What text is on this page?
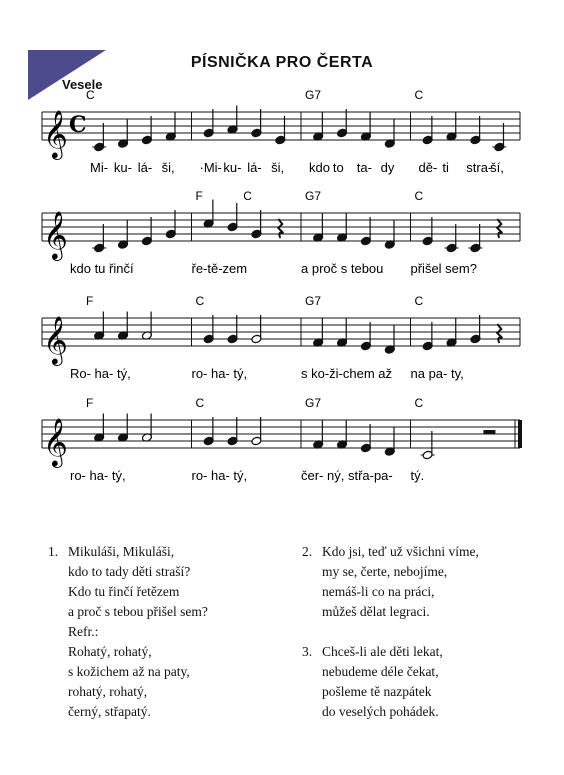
PÍSNIČKA PRO ČERTA
Vesele
𝄞 C
C	G7	C
Mi- ku- lá- ši, ·Mi- ku- lá- ši, kdo to ta- dy dě- ti stra-
ší,
𝄞
F	C	G7	C
kdo tu řinčí	ře-tě-zem	a proč s tebou přišel sem?
𝄞
F	C	G7	C
Ro- ha- tý,	ro- ha- tý,	s ko-ži-chem až na pa- ty,
𝄞
F	C	G7	C
ro- ha- tý,	ro- ha- tý,	čer- ný, střa-pa- tý.
1. Mikuláši, Mikuláši,
kdo to tady děti straší?
Kdo tu řinčí řetězem
a proč s tebou přišel sem?
Refr.:
Rohatý, rohatý,
s kožichem až na paty,
rohatý, rohatý,
černý, střapatý.
2. Kdo jsi, teď už všichni víme,
my se, čerte, nebojíme,
nemáš-li co na práci,
můžeš dělat legraci.
3. Chceš-li ale děti lekat,
nebudeme déle čekat,
pošleme tě nazpátek
do veselých pohádek.
